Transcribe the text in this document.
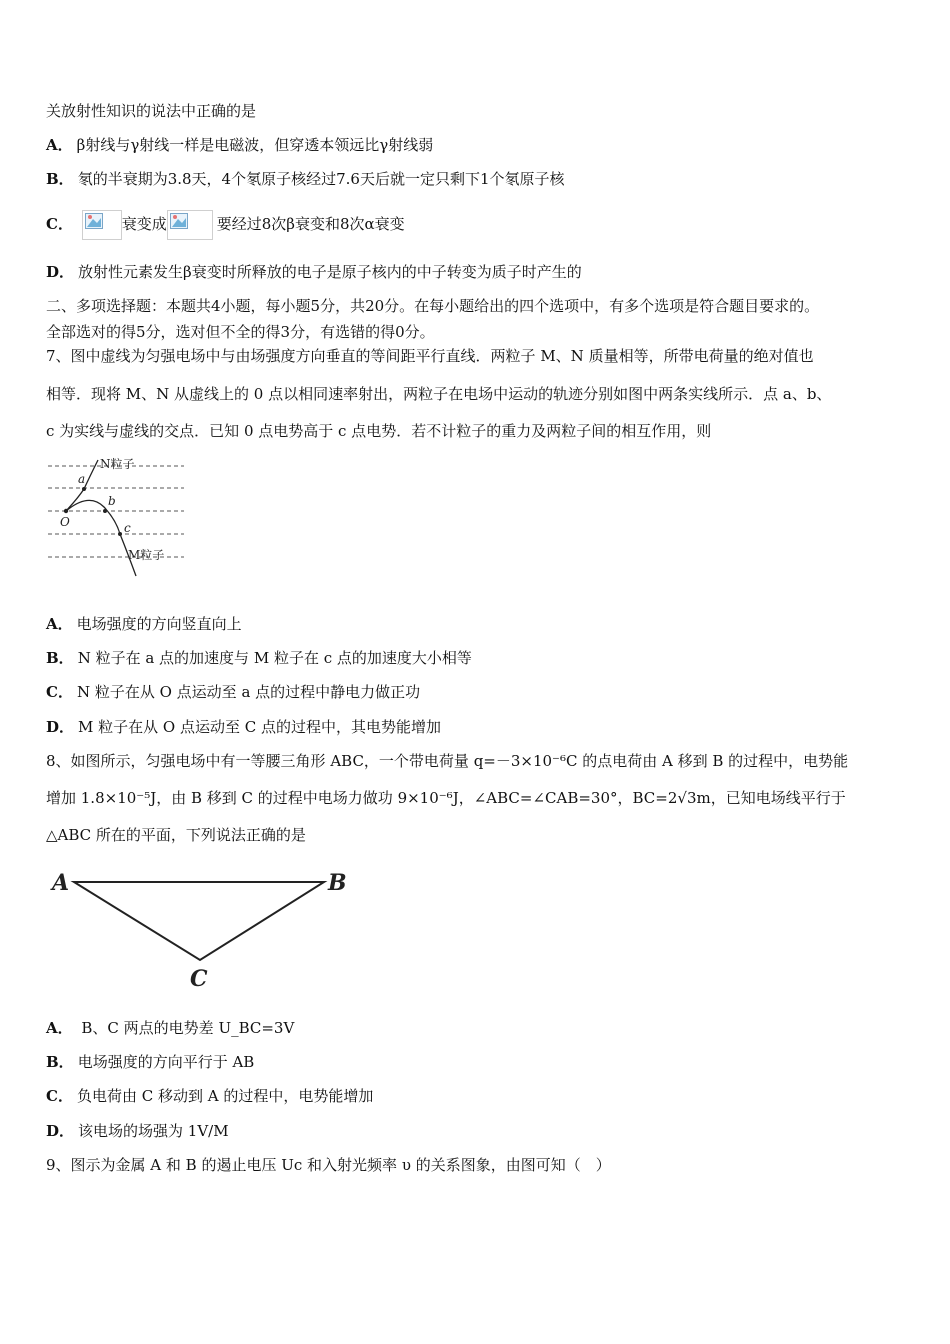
关放射性知识的说法中正确的是
A． β射线与γ射线一样是电磁波，但穿透本领远比γ射线弱
B． 氡的半衰期为3.8天，4个氡原子核经过7.6天后就一定只剩下1个氡原子核
C．	衰变成	要经过8次β衰变和8次α衰变
D． 放射性元素发生β衰变时所释放的电子是原子核内的中子转变为质子时产生的
二、多项选择题：本题共4小题，每小题5分，共20分。在每小题给出的四个选项中，有多个选项是符合题目要求的。
全部选对的得5分，选对但不全的得3分，有选错的得0分。
7、图中虚线为匀强电场中与由场强度方向垂直的等间距平行直线．两粒子 M、N 质量相等，所带电荷量的绝对值也
相等．现将 M、N 从虚线上的 0 点以相同速率射出，两粒子在电场中运动的轨迹分别如图中两条实线所示．点 a、b、
c 为实线与虚线的交点．已知 0 点电势高于 c 点电势．若不计粒子的重力及两粒子间的相互作用，则
N粒子
a
b
c
O
M粒子
A． 电场强度的方向竖直向上
B． N 粒子在 a 点的加速度与 M 粒子在 c 点的加速度大小相等
C． N 粒子在从 O 点运动至 a 点的过程中静电力做正功
D． M 粒子在从 O 点运动至 C 点的过程中，其电势能增加
8、如图所示，匀强电场中有一等腰三角形 ABC，一个带电荷量 q=－3×10⁻⁶C 的点电荷由 A 移到 B 的过程中，电势能
增加 1.8×10⁻⁵J，由 B 移到 C 的过程中电场力做功 9×10⁻⁶J，∠ABC=∠CAB=30°，BC=2√3m，已知电场线平行于
△ABC 所在的平面，下列说法正确的是
A	B
C
A． B、C 两点的电势差 U_BC=3V
B． 电场强度的方向平行于 AB
C． 负电荷由 C 移动到 A 的过程中，电势能增加
D． 该电场的场强为 1V/M
9、图示为金属 A 和 B 的遏止电压 Uc 和入射光频率 υ 的关系图象，由图可知（　）
